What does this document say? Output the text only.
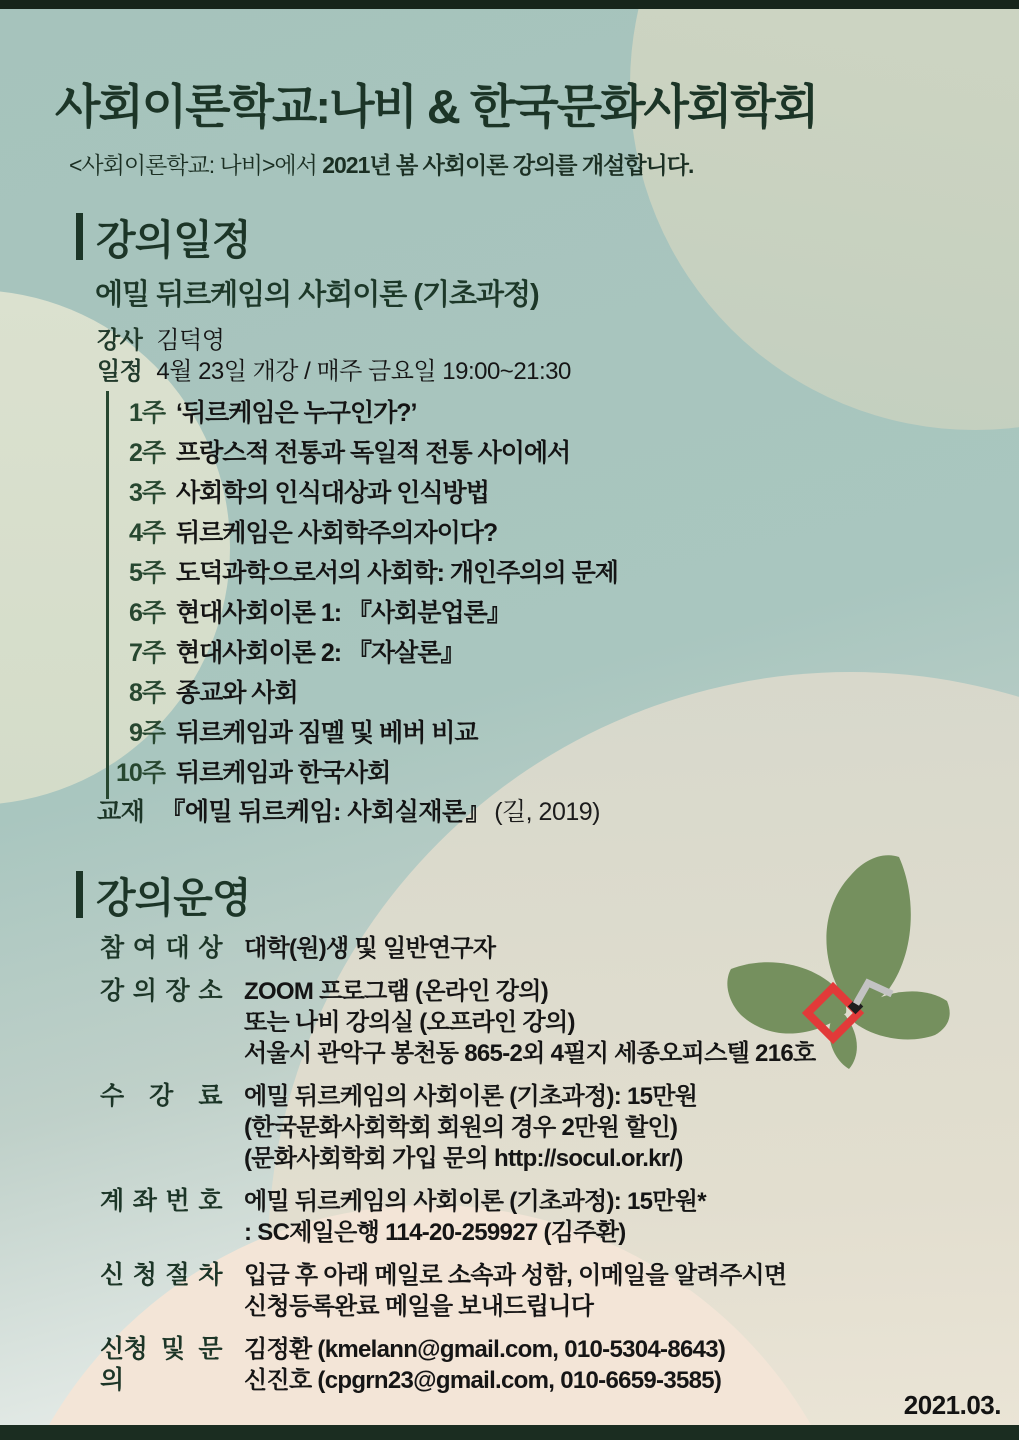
사회이론학교:나비 & 한국문화사회학회

<사회이론학교: 나비>에서 2021년 봄 사회이론 강의를 개설합니다.

강의일정
에밀 뒤르케임의 사회이론 (기초과정)
강사 김덕영
일정 4월 23일 개강 / 매주 금요일 19:00~21:30
1주 ‘뒤르케임은 누구인가?’
2주 프랑스적 전통과 독일적 전통 사이에서
3주 사회학의 인식대상과 인식방법
4주 뒤르케임은 사회학주의자이다?
5주 도덕과학으로서의 사회학: 개인주의의 문제
6주 현대사회이론 1: 『사회분업론』
7주 현대사회이론 2: 『자살론』
8주 종교와 사회
9주 뒤르케임과 짐멜 및 베버 비교
10주 뒤르케임과 한국사회
교재 『에밀 뒤르케임: 사회실재론』 (길, 2019)
강의운영
참 여 대 상 대학(원)생 및 일반연구자
강 의 장 소 ZOOM 프로그램 (온라인 강의)
또는 나비 강의실 (오프라인 강의)
서울시 관악구 봉천동 865-2외 4필지 세종오피스텔 216호
수 강 료 에밀 뒤르케임의 사회이론 (기초과정): 15만원
(한국문화사회학회 회원의 경우 2만원 할인)
(문화사회학회 가입 문의 http://socul.or.kr/)
계 좌 번 호 에밀 뒤르케임의 사회이론 (기초과정): 15만원*
: SC제일은행 114-20-259927 (김주환)
신 청 절 차 입금 후 아래 메일로 소속과 성함, 이메일을 알려주시면
신청등록완료 메일을 보내드립니다
신청 및 문의
김정환 (kmelann@gmail.com, 010-5304-8643)
신진호 (cpgrn23@gmail.com, 010-6659-3585)
2021.03.
